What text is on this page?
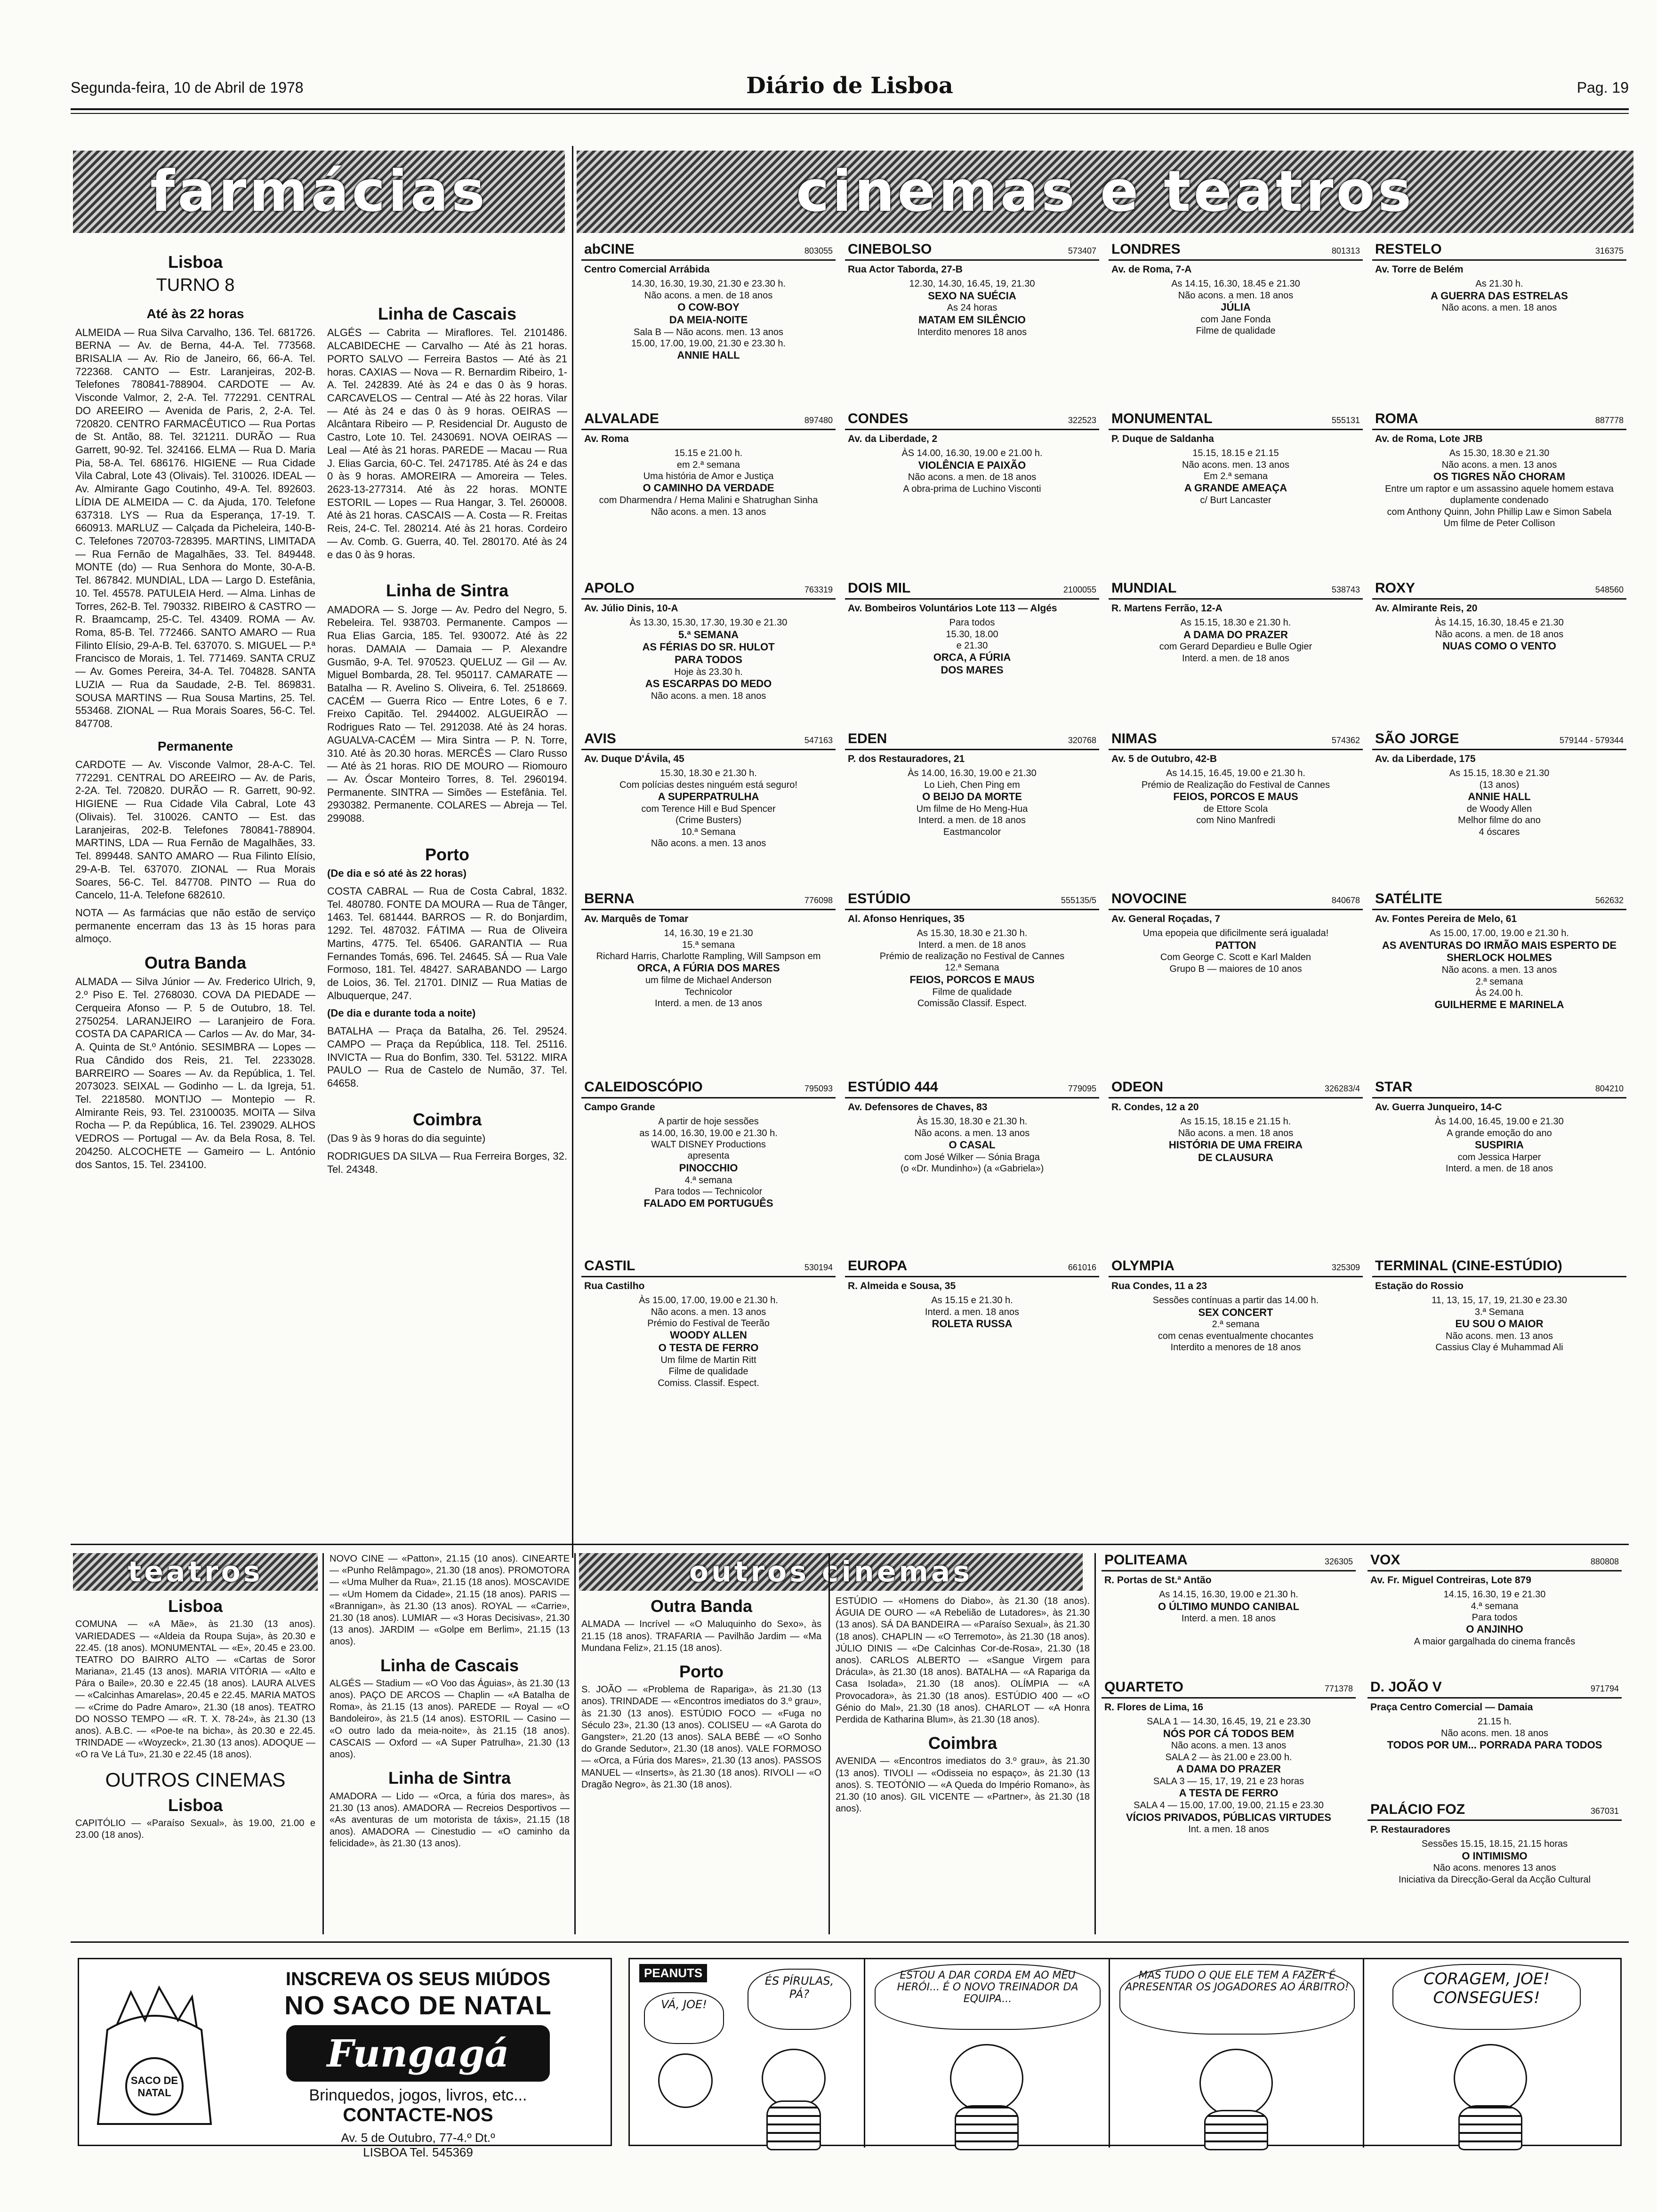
Segunda-feira, 10 de Abril de 1978	Diário de Lisboa	Pag. 19
farmácias	cinemas e teatros
Lisboa
TURNO 8
Até às 22 horas

ALMEIDA — Rua Silva Carvalho, 136. Tel. 681726. BERNA — Av. de Berna, 44-A. Tel. 773568. BRISALIA — Av. Rio de Janeiro, 66, 66-A. Tel. 722368. CANTO — Estr. Laranjeiras, 202-B. Telefones 780841-788904. CARDOTE — Av. Visconde Valmor, 2, 2-A. Tel. 772291. CENTRAL DO AREEIRO — Avenida de Paris, 2, 2-A. Tel. 720820. CENTRO FARMACÊUTICO — Rua Portas de St. Antão, 88. Tel. 321211. DURÃO — Rua Garrett, 90-92. Tel. 324166. ELMA — Rua D. Maria Pia, 58-A. Tel. 686176. HIGIENE — Rua Cidade Vila Cabral, Lote 43 (Olivais). Tel. 310026. IDEAL — Av. Almirante Gago Coutinho, 49-A. Tel. 892603. LÍDIA DE ALMEIDA — C. da Ajuda, 170. Telefone 637318. LYS — Rua da Esperança, 17-19. T. 660913. MARLUZ — Calçada da Picheleira, 140-B-C. Telefones 720703-728395. MARTINS, LIMITADA — Rua Fernão de Magalhães, 33. Tel. 849448. MONTE (do) — Rua Senhora do Monte, 30-A-B. Tel. 867842. MUNDIAL, LDA — Largo D. Estefânia, 10. Tel. 45578. PATULEIA Herd. — Alma. Linhas de Torres, 262-B. Tel. 790332. RIBEIRO & CASTRO — R. Braamcamp, 25-C. Tel. 43409. ROMA — Av. Roma, 85-B. Tel. 772466. SANTO AMARO — Rua Filinto Elísio, 29-A-B. Tel. 637070. S. MIGUEL — P.ª Francisco de Morais, 1. Tel. 771469. SANTA CRUZ — Av. Gomes Pereira, 34-A. Tel. 704828. SANTA LUZIA — Rua da Saudade, 2-B. Tel. 869831. SOUSA MARTINS — Rua Sousa Martins, 25. Tel. 553468. ZIONAL — Rua Morais Soares, 56-C. Tel. 847708.

Permanente

CARDOTE — Av. Visconde Valmor, 28-A-C. Tel. 772291. CENTRAL DO AREEIRO — Av. de Paris, 2-2A. Tel. 720820. DURÃO — R. Garrett, 90-92. HIGIENE — Rua Cidade Vila Cabral, Lote 43 (Olivais). Tel. 310026. CANTO — Est. das Laranjeiras, 202-B. Telefones 780841-788904. MARTINS, LDA — Rua Fernão de Magalhães, 33. Tel. 899448. SANTO AMARO — Rua Filinto Elísio, 29-A-B. Tel. 637070. ZIONAL — Rua Morais Soares, 56-C. Tel. 847708. PINTO — Rua do Cancelo, 11-A. Telefone 682610.

NOTA — As farmácias que não estão de serviço permanente encerram das 13 às 15 horas para almoço.

Outra Banda

ALMADA — Silva Júnior — Av. Frederico Ulrich, 9, 2.º Piso E. Tel. 2768030. COVA DA PIEDADE — Cerqueira Afonso — P. 5 de Outubro, 18. Tel. 2750254. LARANJEIRO — Laranjeiro de Fora. COSTA DA CAPARICA — Carlos — Av. do Mar, 34-A. Quinta de St.º António. SESIMBRA — Lopes — Rua Cândido dos Reis, 21. Tel. 2233028. BARREIRO — Soares — Av. da República, 1. Tel. 2073023. SEIXAL — Godinho — L. da Igreja, 51. Tel. 2218580. MONTIJO — Montepio — R. Almirante Reis, 93. Tel. 23100035. MOITA — Silva Rocha — P. da República, 16. Tel. 239029. ALHOS VEDROS — Portugal — Av. da Bela Rosa, 8. Tel. 204250. ALCOCHETE — Gameiro — L. António dos Santos, 15. Tel. 234100.

Linha de Cascais

ALGÉS — Cabrita — Miraflores. Tel. 2101486. ALCABIDECHE — Carvalho — Até às 21 horas. PORTO SALVO — Ferreira Bastos — Até às 21 horas. CAXIAS — Nova — R. Bernardim Ribeiro, 1-A. Tel. 242839. Até às 24 e das 0 às 9 horas. CARCAVELOS — Central — Até às 22 horas. Vilar — Até às 24 e das 0 às 9 horas. OEIRAS — Alcântara Ribeiro — P. Residencial Dr. Augusto de Castro, Lote 10. Tel. 2430691. NOVA OEIRAS — Leal — Até às 21 horas. PAREDE — Macau — Rua J. Elias Garcia, 60-C. Tel. 2471785. Até às 24 e das 0 às 9 horas. AMOREIRA — Amoreira — Teles. 2623-13-277314. Até às 22 horas. MONTE ESTORIL — Lopes — Rua Hangar, 3. Tel. 260008. Até às 21 horas. CASCAIS — A. Costa — R. Freitas Reis, 24-C. Tel. 280214. Até às 21 horas. Cordeiro — Av. Comb. G. Guerra, 40. Tel. 280170. Até às 24 e das 0 às 9 horas.

Linha de Sintra

AMADORA — S. Jorge — Av. Pedro del Negro, 5. Rebeleira. Tel. 938703. Permanente. Campos — Rua Elias Garcia, 185. Tel. 930072. Até às 22 horas. DAMAIA — Damaia — P. Alexandre Gusmão, 9-A. Tel. 970523. QUELUZ — Gil — Av. Miguel Bombarda, 28. Tel. 950117. CAMARATE — Batalha — R. Avelino S. Oliveira, 6. Tel. 2518669. CACÉM — Guerra Rico — Entre Lotes, 6 e 7. Freixo Capitão. Tel. 2944002. ALGUEIRÃO — Rodrigues Rato — Tel. 2912038. Até às 24 horas. AGUALVA-CACÉM — Mira Sintra — P. N. Torre, 310. Até às 20.30 horas. MERCÊS — Claro Russo — Até às 21 horas. RIO DE MOURO — Riomouro — Av. Óscar Monteiro Torres, 8. Tel. 2960194. Permanente. SINTRA — Simões — Estefânia. Tel. 2930382. Permanente. COLARES — Abreja — Tel. 299088.

Porto

(De dia e só até às 22 horas)

COSTA CABRAL — Rua de Costa Cabral, 1832. Tel. 480780. FONTE DA MOURA — Rua de Tânger, 1463. Tel. 681444. BARROS — R. do Bonjardim, 1292. Tel. 487032. FÁTIMA — Rua de Oliveira Martins, 4775. Tel. 65406. GARANTIA — Rua Fernandes Tomás, 696. Tel. 24645. SÁ — Rua Vale Formoso, 181. Tel. 48427. SARABANDO — Largo de Loios, 36. Tel. 21701. DINIZ — Rua Matias de Albuquerque, 247.

(De dia e durante toda a noite)

BATALHA — Praça da Batalha, 26. Tel. 29524. CAMPO — Praça da República, 118. Tel. 25116. INVICTA — Rua do Bonfim, 330. Tel. 53122. MIRA PAULO — Rua de Castelo de Numão, 37. Tel. 64658.

Coimbra

(Das 9 às 9 horas do dia seguinte)

RODRIGUES DA SILVA — Rua Ferreira Borges, 32. Tel. 24348.

abCINE	803055
Centro Comercial Arrábida
14.30, 16.30, 19.30, 21.30 e 23.30 h.
Não acons. a men. de 18 anos
O COW-BOY
DA MEIA-NOITE
Sala B — Não acons. men. 13 anos
15.00, 17.00, 19.00, 21.30 e 23.30 h.
ANNIE HALL
CINEBOLSO	573407
Rua Actor Taborda, 27-B
12.30, 14.30, 16.45, 19, 21.30
SEXO NA SUÉCIA
As 24 horas
MATAM EM SILÊNCIO
Interdito menores 18 anos
LONDRES	801313
Av. de Roma, 7-A
As 14.15, 16.30, 18.45 e 21.30
Não acons. a men. 18 anos
JÚLIA
com Jane Fonda
Filme de qualidade
RESTELO	316375
Av. Torre de Belém
As 21.30 h.
A GUERRA DAS ESTRELAS
Não acons. a men. 18 anos
ALVALADE	897480
Av. Roma
15.15 e 21.00 h.
em 2.ª semana
Uma história de Amor e Justiça
O CAMINHO DA VERDADE
com Dharmendra / Hema Malini e Shatrughan Sinha
Não acons. a men. 13 anos
CONDES	322523
Av. da Liberdade, 2
ÀS 14.00, 16.30, 19.00 e 21.00 h.
VIOLÊNCIA E PAIXÃO
Não acons. a men. de 18 anos
A obra-prima de Luchino Visconti
MONUMENTAL	555131
P. Duque de Saldanha
15.15, 18.15 e 21.15
Não acons. men. 13 anos
Em 2.ª semana
A GRANDE AMEAÇA
c/ Burt Lancaster
ROMA	887778
Av. de Roma, Lote JRB
As 15.30, 18.30 e 21.30
Não acons. a men. 13 anos
OS TIGRES NÃO CHORAM
Entre um raptor e um assassino aquele homem estava duplamente condenado
com Anthony Quinn, John Phillip Law e Simon Sabela
Um filme de Peter Collison
APOLO	763319
Av. Júlio Dinis, 10-A
Às 13.30, 15.30, 17.30, 19.30 e 21.30
5.ª SEMANA
AS FÉRIAS DO SR. HULOT
PARA TODOS
Hoje às 23.30 h.
AS ESCARPAS DO MEDO
Não acons. a men. 18 anos
DOIS MIL	2100055
Av. Bombeiros Voluntários Lote 113 — Algés
Para todos
15.30, 18.00
e 21.30
ORCA, A FÚRIA
DOS MARES
MUNDIAL	538743
R. Martens Ferrão, 12-A
As 15.15, 18.30 e 21.30 h.
A DAMA DO PRAZER
com Gerard Depardieu e Bulle Ogier
Interd. a men. de 18 anos
ROXY	548560
Av. Almirante Reis, 20
Às 14.15, 16.30, 18.45 e 21.30
Não acons. a men. de 18 anos
NUAS COMO O VENTO
AVIS	547163
Av. Duque D'Ávila, 45
15.30, 18.30 e 21.30 h.
Com polícias destes ninguém está seguro!
A SUPERPATRULHA
com Terence Hill e Bud Spencer
(Crime Busters)
10.ª Semana
Não acons. a men. 13 anos
EDEN	320768
P. dos Restauradores, 21
Às 14.00, 16.30, 19.00 e 21.30
Lo Lieh, Chen Ping em
O BEIJO DA MORTE
Um filme de Ho Meng-Hua
Interd. a men. de 18 anos
Eastmancolor
NIMAS	574362
Av. 5 de Outubro, 42-B
As 14.15, 16.45, 19.00 e 21.30 h.
Prémio de Realização do Festival de Cannes
FEIOS, PORCOS E MAUS
de Ettore Scola
com Nino Manfredi
SÃO JORGE	579144 - 579344
Av. da Liberdade, 175
As 15.15, 18.30 e 21.30
(13 anos)
ANNIE HALL
de Woody Allen
Melhor filme do ano
4 óscares
BERNA	776098
Av. Marquês de Tomar
14, 16.30, 19 e 21.30
15.ª semana
Richard Harris, Charlotte Rampling, Will Sampson em
ORCA, A FÚRIA DOS MARES
um filme de Michael Anderson
Technicolor
Interd. a men. de 13 anos
ESTÚDIO	555135/5
Al. Afonso Henriques, 35
As 15.30, 18.30 e 21.30 h.
Interd. a men. de 18 anos
Prémio de realização no Festival de Cannes
12.ª Semana
FEIOS, PORCOS E MAUS
Filme de qualidade
Comissão Classif. Espect.
NOVOCINE	840678
Av. General Roçadas, 7
Uma epopeia que dificilmente será igualada!
PATTON
Com George C. Scott e Karl Malden
Grupo B — maiores de 10 anos
SATÉLITE	562632
Av. Fontes Pereira de Melo, 61
As 15.00, 17.00, 19.00 e 21.30 h.
AS AVENTURAS DO IRMÃO MAIS ESPERTO DE SHERLOCK HOLMES
Não acons. a men. 13 anos
2.ª semana
Às 24.00 h.
GUILHERME E MARINELA
CALEIDOSCÓPIO	795093
Campo Grande
A partir de hoje sessões
as 14.00, 16.30, 19.00 e 21.30 h.
WALT DISNEY Productions
apresenta
PINOCCHIO
4.ª semana
Para todos — Technicolor
FALADO EM PORTUGUÊS
ESTÚDIO 444	779095
Av. Defensores de Chaves, 83
Às 15.30, 18.30 e 21.30 h.
Não acons. a men. 13 anos
O CASAL
com José Wilker — Sónia Braga
(o «Dr. Mundinho») (a «Gabriela»)
ODEON	326283/4
R. Condes, 12 a 20
As 15.15, 18.15 e 21.15 h.
Não acons. a men. 18 anos
HISTÓRIA DE UMA FREIRA
DE CLAUSURA
STAR	804210
Av. Guerra Junqueiro, 14-C
Às 14.00, 16.45, 19.00 e 21.30
A grande emoção do ano
SUSPIRIA
com Jessica Harper
Interd. a men. de 18 anos
CASTIL	530194
Rua Castilho
Às 15.00, 17.00, 19.00 e 21.30 h.
Não acons. a men. 13 anos
Prémio do Festival de Teerão
WOODY ALLEN
O TESTA DE FERRO
Um filme de Martin Ritt
Filme de qualidade
Comiss. Classif. Espect.
EUROPA	661016
R. Almeida e Sousa, 35
As 15.15 e 21.30 h.
Interd. a men. 18 anos
ROLETA RUSSA
OLYMPIA	325309
Rua Condes, 11 a 23
Sessões contínuas a partir das 14.00 h.
SEX CONCERT
2.ª semana
com cenas eventualmente chocantes
Interdito a menores de 18 anos
TERMINAL (CINE-ESTÚDIO)
Estação do Rossio
11, 13, 15, 17, 19, 21.30 e 23.30
3.ª Semana
EU SOU O MAIOR
Não acons. men. 13 anos
Cassius Clay é Muhammad Ali
teatros	outros cinemas
Lisboa

COMUNA — «A Mãe», às 21.30 (13 anos). VARIEDADES — «Aldeia da Roupa Suja», às 20.30 e 22.45. (18 anos). MONUMENTAL — «E», 20.45 e 23.00. TEATRO DO BAIRRO ALTO — «Cartas de Soror Mariana», 21.45 (13 anos). MARIA VITÓRIA — «Alto e Pára o Baile», 20.30 e 22.45 (18 anos). LAURA ALVES — «Calcinhas Amarelas», 20.45 e 22.45. MARIA MATOS — «Crime do Padre Amaro», 21.30 (18 anos). TEATRO DO NOSSO TEMPO — «R. T. X. 78-24», às 21.30 (13 anos). A.B.C. — «Poe-te na bicha», às 20.30 e 22.45. TRINDADE — «Woyzeck», 21.30 (13 anos). ADOQUE — «O ra Ve Lá Tu», 21.30 e 22.45 (18 anos).

OUTROS CINEMAS
Lisboa

CAPITÓLIO — «Paraíso Sexual», às 19.00, 21.00 e 23.00 (18 anos).

NOVO CINE — «Patton», 21.15 (10 anos). CINEARTE — «Punho Relâmpago», 21.30 (18 anos). PROMOTORA — «Uma Mulher da Rua», 21.15 (18 anos). MOSCAVIDE — «Um Homem da Cidade», 21.15 (18 anos). PARIS — «Brannigan», às 21.30 (13 anos). ROYAL — «Carrie», 21.30 (18 anos). LUMIAR — «3 Horas Decisivas», 21.30 (13 anos). JARDIM — «Golpe em Berlim», 21.15 (13 anos).

Linha de Cascais

ALGÉS — Stadium — «O Voo das Águias», às 21.30 (13 anos). PAÇO DE ARCOS — Chaplin — «A Batalha de Roma», às 21.15 (13 anos). PAREDE — Royal — «O Bandoleiro», às 21.5 (14 anos). ESTORIL — Casino — «O outro lado da meia-noite», às 21.15 (18 anos). CASCAIS — Oxford — «A Super Patrulha», 21.30 (13 anos).

Linha de Sintra

AMADORA — Lido — «Orca, a fúria dos mares», às 21.30 (13 anos). AMADORA — Recreios Desportivos — «As aventuras de um motorista de táxis», 21.15 (18 anos). AMADORA — Cinestudio — «O caminho da felicidade», às 21.30 (13 anos).

Outra Banda

ALMADA — Incrível — «O Maluquinho do Sexo», às 21.15 (18 anos). TRAFARIA — Pavilhão Jardim — «Ma Mundana Feliz», 21.15 (18 anos).

Porto

S. JOÃO — «Problema de Rapariga», às 21.30 (13 anos). TRINDADE — «Encontros imediatos do 3.º grau», às 21.30 (13 anos). ESTÚDIO FOCO — «Fuga no Século 23», 21.30 (13 anos). COLISEU — «A Garota do Gangster», 21.20 (13 anos). SALA BEBÉ — «O Sonho do Grande Sedutor», 21.30 (18 anos). VALE FORMOSO — «Orca, a Fúria dos Mares», 21.30 (13 anos). PASSOS MANUEL — «Inserts», às 21.30 (18 anos). RIVOLI — «O Dragão Negro», às 21.30 (18 anos).

ESTÚDIO — «Homens do Diabo», às 21.30 (18 anos). ÁGUIA DE OURO — «A Rebelião de Lutadores», às 21.30 (13 anos). SÁ DA BANDEIRA — «Paraíso Sexual», às 21.30 (18 anos). CHAPLIN — «O Terremoto», às 21.30 (18 anos). JÚLIO DINIS — «De Calcinhas Cor-de-Rosa», 21.30 (18 anos). CARLOS ALBERTO — «Sangue Virgem para Drácula», às 21.30 (18 anos). BATALHA — «A Rapariga da Casa Isolada», 21.30 (18 anos). OLÍMPIA — «A Provocadora», às 21.30 (18 anos). ESTÚDIO 400 — «O Génio do Mal», 21.30 (18 anos). CHARLOT — «A Honra Perdida de Katharina Blum», às 21.30 (18 anos).

Coimbra

AVENIDA — «Encontros imediatos do 3.º grau», às 21.30 (13 anos). TIVOLI — «Odisseia no espaço», às 21.30 (13 anos). S. TEOTÓNIO — «A Queda do Império Romano», às 21.30 (10 anos). GIL VICENTE — «Partner», às 21.30 (18 anos).

POLITEAMA	326305
R. Portas de St.ª Antão
As 14.15, 16.30, 19.00 e 21.30 h.
O ÚLTIMO MUNDO CANIBAL
Interd. a men. 18 anos
VOX	880808
Av. Fr. Miguel Contreiras, Lote 879
14.15, 16.30, 19 e 21.30
4.ª semana
Para todos
O ANJINHO
A maior gargalhada do cinema francês
QUARTETO	771378
R. Flores de Lima, 16
SALA 1 — 14.30, 16.45, 19, 21 e 23.30
NÓS POR CÁ TODOS BEM
Não acons. a men. 13 anos
SALA 2 — às 21.00 e 23.00 h.
A DAMA DO PRAZER
SALA 3 — 15, 17, 19, 21 e 23 horas
A TESTA DE FERRO
SALA 4 — 15.00, 17.00, 19.00, 21.15 e 23.30
VÍCIOS PRIVADOS, PÚBLICAS VIRTUDES
Int. a men. 18 anos
D. JOÃO V	971794
Praça Centro Comercial — Damaia
21.15 h.
Não acons. men. 18 anos
TODOS POR UM... PORRADA PARA TODOS
PALÁCIO FOZ	367031
P. Restauradores
Sessões 15.15, 18.15, 21.15 horas
O INTIMISMO
Não acons. menores 13 anos
Iniciativa da Direcção-Geral da Acção Cultural
SACO DE NATAL
INSCREVA OS SEUS MIÚDOS
NO SACO DE NATAL
Fungagá
Brinquedos, jogos, livros, etc...
CONTACTE-NOS
Av. 5 de Outubro, 77-4.º Dt.º
LISBOA Tel. 545369
PEANUTS
VÁ, JOE!
ÉS PÍRULAS, PÁ?
ESTOU A DAR CORDA EM AO MEU HERÓI... É O NOVO TREINADOR DA EQUIPA...
MAS TUDO O QUE ELE TEM A FAZER É APRESENTAR OS JOGADORES AO ÁRBITRO!	CORAGEM, JOE! CONSEGUES!
